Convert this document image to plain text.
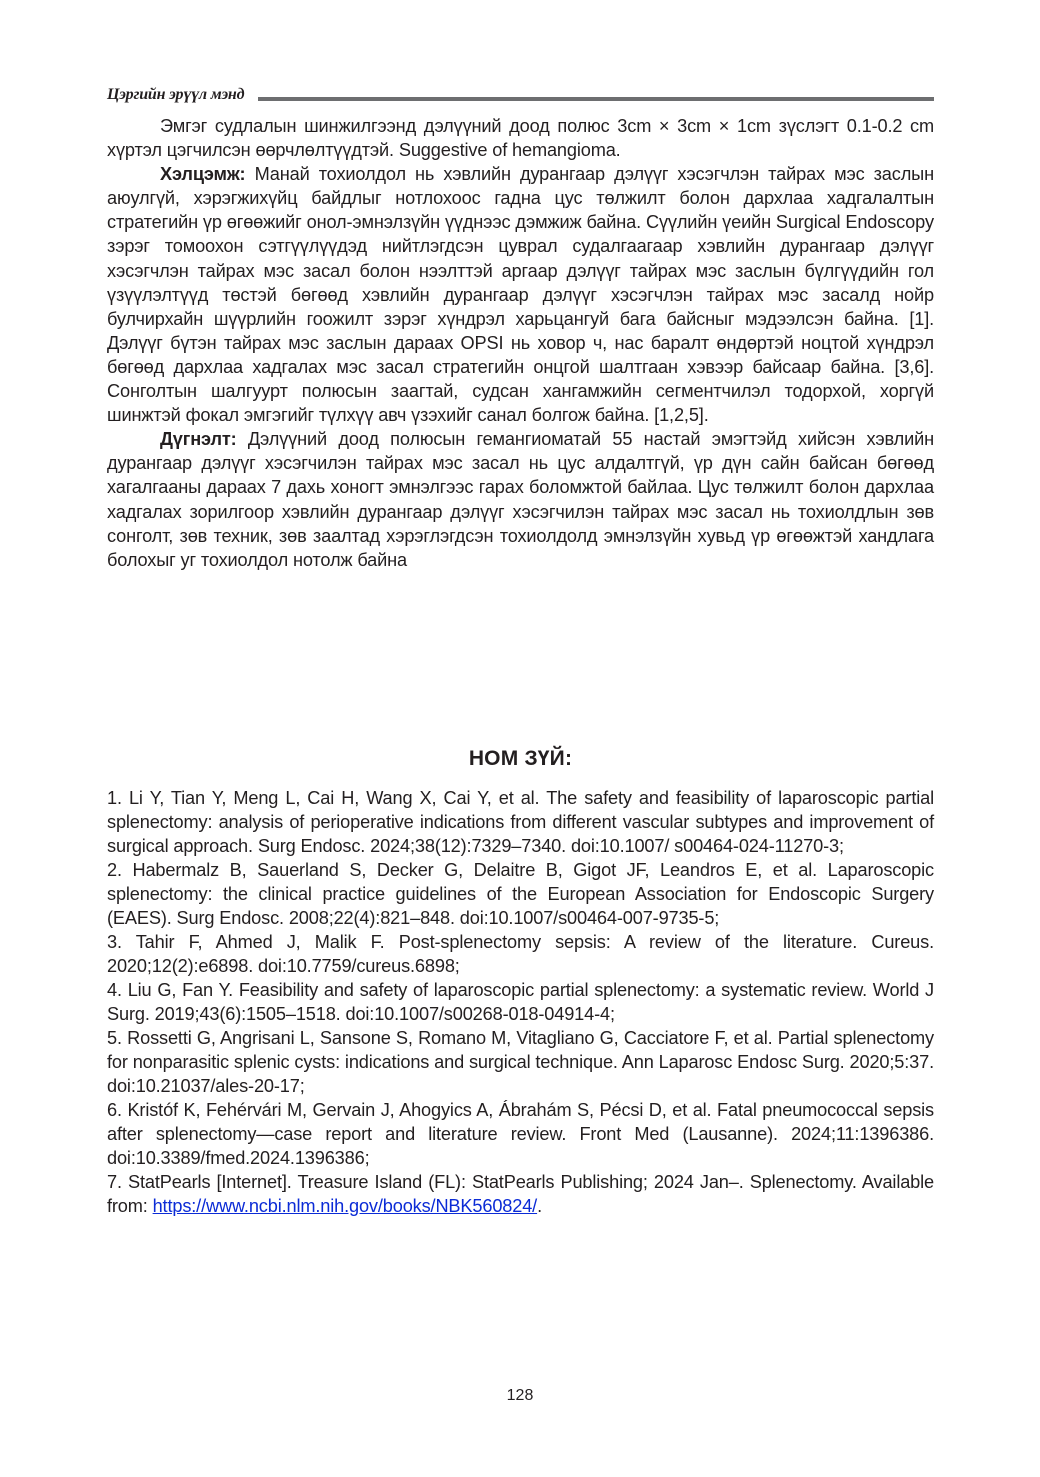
Цэргийн эрүүл мэнд

Эмгэг судлалын шинжилгээнд дэлүүний доод полюс 3cm × 3cm × 1cm зүслэгт 0.1-0.2 cm хүртэл цэгчилсэн өөрчлөлтүүдтэй. Suggestive of hemangioma.

Хэлцэмж: Манай тохиолдол нь хэвлийн дурангаар дэлүүг хэсэгчлэн тайрах мэс заслын аюулгүй, хэрэгжихүйц байдлыг нотлохоос гадна цус төлжилт болон дархлаа хадгалалтын стратегийн үр өгөөжийг онол-эмнэлзүйн үүднээс дэмжиж байна. Сүүлийн үеийн Surgical Endoscopy зэрэг томоохон сэтгүүлүүдэд нийтлэгдсэн цуврал судалгаагаар хэвлийн дурангаар дэлүүг хэсэгчлэн тайрах мэс засал болон нээлттэй аргаар дэлүүг тайрах мэс заслын бүлгүүдийн гол үзүүлэлтүүд төстэй бөгөөд хэвлийн дурангаар дэлүүг хэсэгчлэн тайрах мэс засалд нойр булчирхайн шүүрлийн гоожилт зэрэг хүндрэл харьцангуй бага байсныг мэдээлсэн байна. [1]. Дэлүүг бүтэн тайрах мэс заслын дараах OPSI нь ховор ч, нас баралт өндөртэй ноцтой хүндрэл бөгөөд дархлаа хадгалах мэс засал стратегийн онцгой шалтгаан хэвээр байсаар байна. [3,6]. Сонголтын шалгуурт полюсын заагтай, судсан хангамжийн сегментчилэл тодорхой, хоргүй шинжтэй фокал эмгэгийг түлхүү авч үзэхийг санал болгож байна. [1,2,5].

Дүгнэлт: Дэлүүний доод полюсын гемангиоматай 55 настай эмэгтэйд хийсэн хэвлийн дурангаар дэлүүг хэсэгчилэн тайрах мэс засал нь цус алдалтгүй, үр дүн сайн байсан бөгөөд хагалгааны дараах 7 дахь хоногт эмнэлгээс гарах боломжтой байлаа. Цус төлжилт болон дархлаа хадгалах зорилгоор хэвлийн дурангаар дэлүүг хэсэгчилэн тайрах мэс засал нь тохиолдлын зөв сонголт, зөв техник, зөв заалтад хэрэглэгдсэн тохиолдолд эмнэлзүйн хувьд үр өгөөжтэй хандлага болохыг уг тохиолдол нотолж байна

НОМ ЗҮЙ:

1. Li Y, Tian Y, Meng L, Cai H, Wang X, Cai Y, et al. The safety and feasibility of laparoscopic partial splenectomy: analysis of perioperative indications from different vascular subtypes and improvement of surgical approach. Surg Endosc. 2024;38(12):7329–7340. doi:10.1007/ s00464-024-11270-3;

2. Habermalz B, Sauerland S, Decker G, Delaitre B, Gigot JF, Leandros E, et al. Laparoscopic splenectomy: the clinical practice guidelines of the European Association for Endoscopic Surgery (EAES). Surg Endosc. 2008;22(4):821–848. doi:10.1007/s00464-007-9735-5;

3. Tahir F, Ahmed J, Malik F. Post-splenectomy sepsis: A review of the literature. Cureus. 2020;12(2):e6898. doi:10.7759/cureus.6898;

4. Liu G, Fan Y. Feasibility and safety of laparoscopic partial splenectomy: a systematic review. World J Surg. 2019;43(6):1505–1518. doi:10.1007/s00268-018-04914-4;

5. Rossetti G, Angrisani L, Sansone S, Romano M, Vitagliano G, Cacciatore F, et al. Partial splenectomy for nonparasitic splenic cysts: indications and surgical technique. Ann Laparosc Endosc Surg. 2020;5:37. doi:10.21037/ales-20-17;

6. Kristóf K, Fehérvári M, Gervain J, Ahogyics A, Ábrahám S, Pécsi D, et al. Fatal pneumococcal sepsis after splenectomy—case report and literature review. Front Med (Lausanne). 2024;11:1396386. doi:10.3389/fmed.2024.1396386;

7. StatPearls [Internet]. Treasure Island (FL): StatPearls Publishing; 2024 Jan–. Splenectomy. Available from: https://www.ncbi.nlm.nih.gov/books/NBK560824/.

128
